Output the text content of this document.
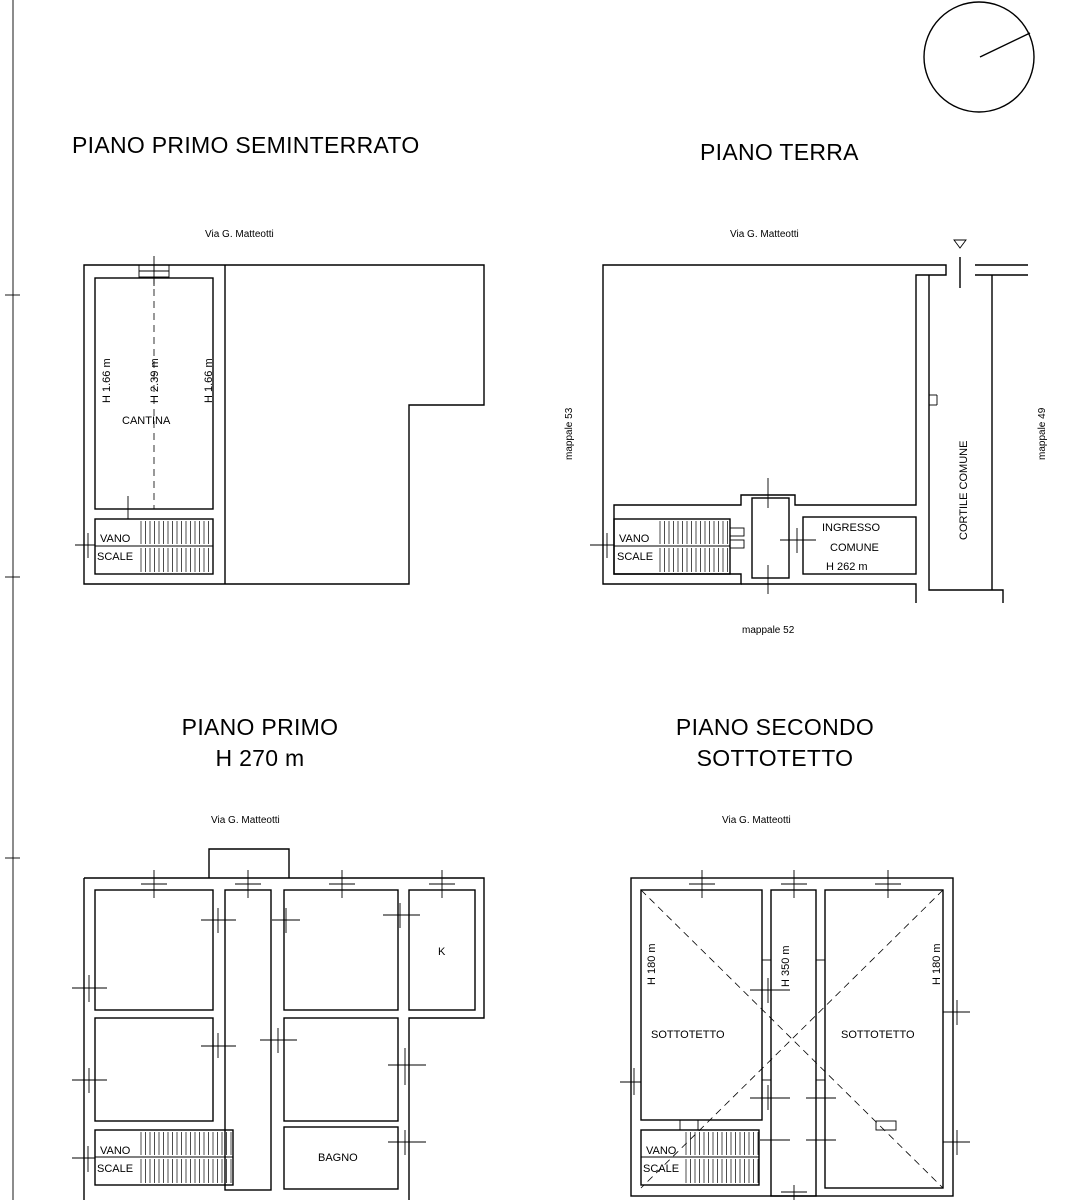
PIANO PRIMO SEMINTERRATO	PIANO TERRA
PIANO PRIMO
H 270 m
PIANO SECONDO
SOTTOTETTO
Via G. Matteotti
H 1.66 m	H 2.39 m	H 1.66 m
CANTINA
VANO
SCALE
Via G. Matteotti
VANO
SCALE
INGRESSO
COMUNE
H 262 m
CORTILE COMUNE
mappale 53	mappale 49
mappale 52
Via G. Matteotti
VANO
SCALE
K
BAGNO
Via G. Matteotti
VANO
SCALE
H 180 m	H 350 m	H 180 m
SOTTOTETTO	SOTTOTETTO
